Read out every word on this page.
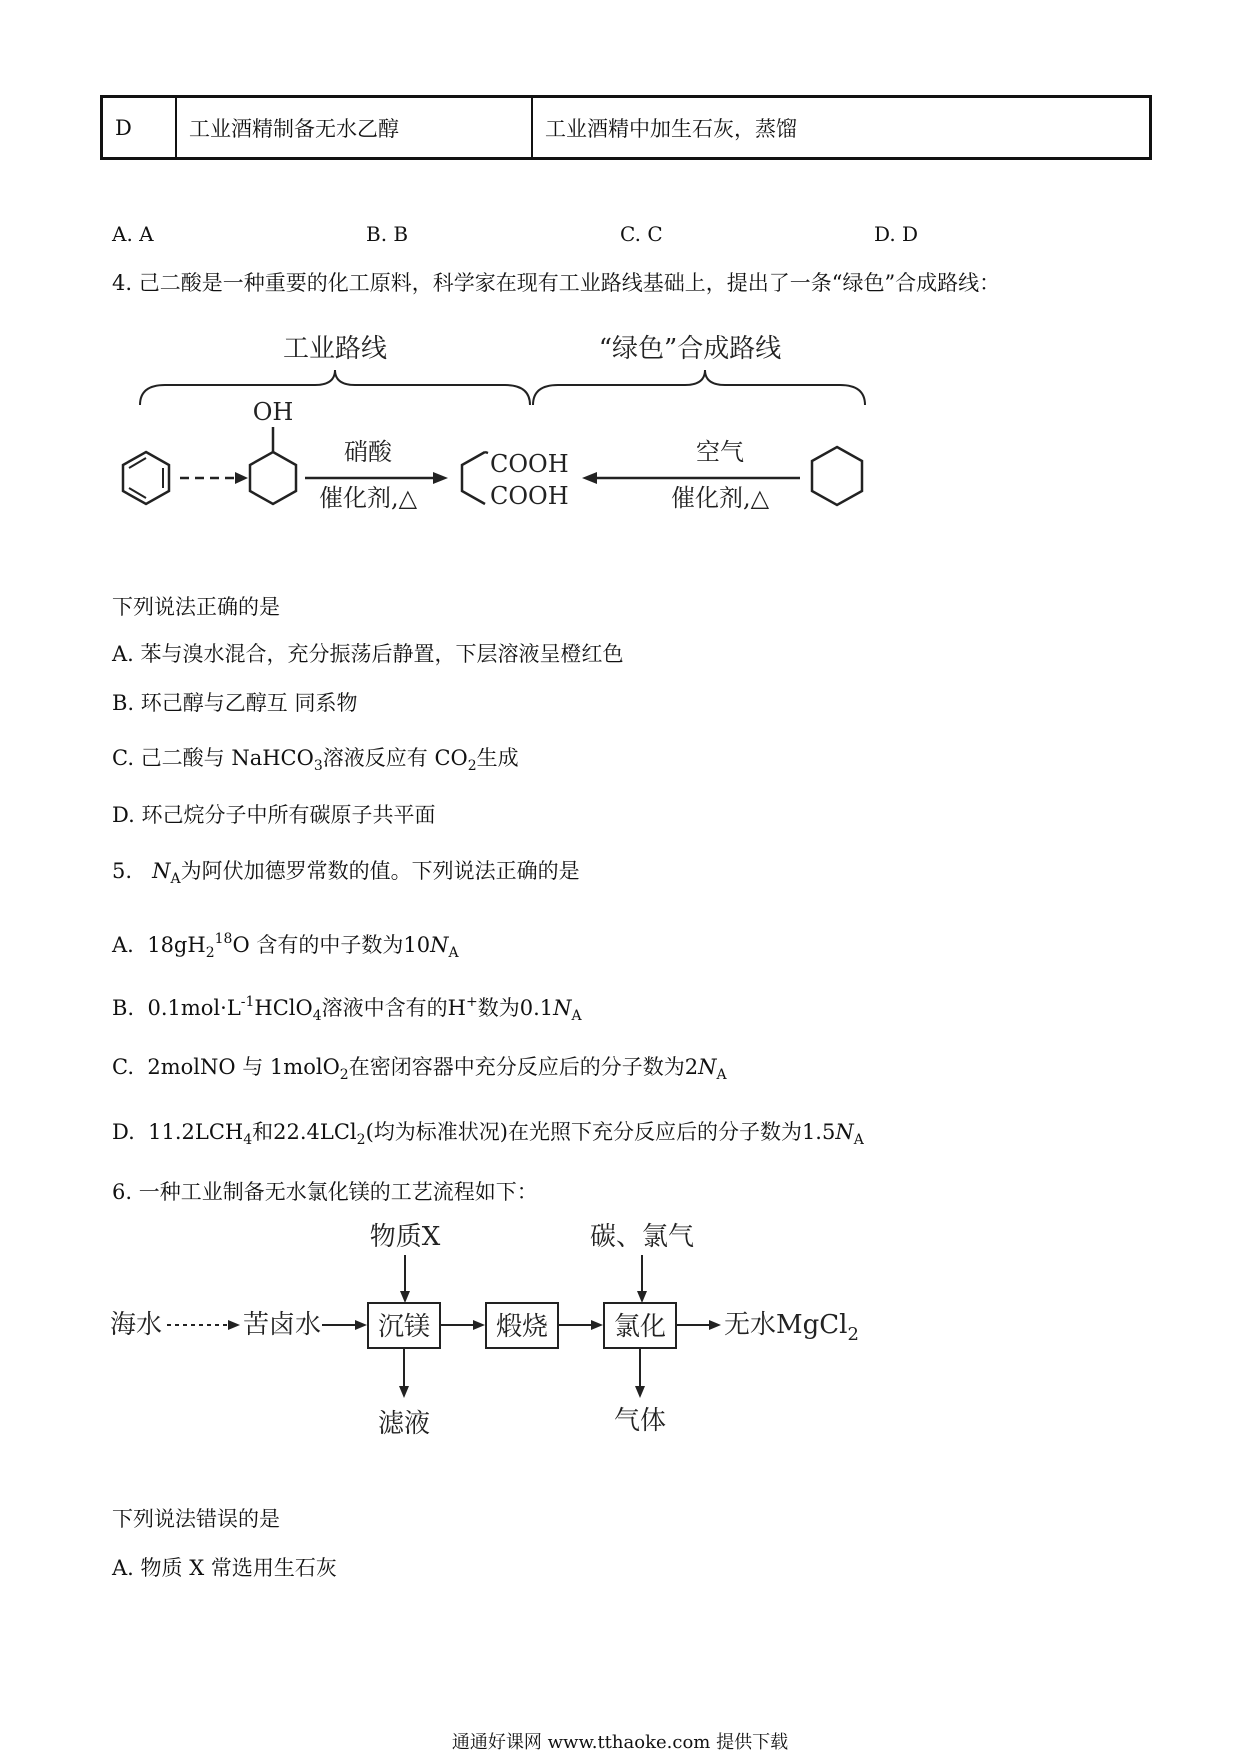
D	工业酒精制备无水乙醇	工业酒精中加生石灰，蒸馏
A. A	B. B	C. C	D. D
4. 己二酸是一种重要的化工原料，科学家在现有工业路线基础上，提出了一条“绿色”合成路线：
工业路线	“绿色”合成路线
OH
硝酸
催化剂,△
COOH
COOH
空气
催化剂,△
下列说法正确的是
A. 苯与溴水混合，充分振荡后静置，下层溶液呈橙红色
B. 环己醇与乙醇互 同系物
C. 己二酸与 NaHCO$_3$溶液反应有 $CO_2$生成
D. 环己烷分子中所有碳原子共平面
5. $N_A$为阿伏加德罗常数的值。下列说法正确的是
A. $18gH_2^{18}O$ 含有的中子数为$10N_A$
B. $0.1mol\cdot L^{-1}HClO_4$溶液中含有的H+数为$0.1N_A$
C. 2molNO 与 1molO$_2$在密闭容器中充分反应后的分子数为$2N_A$
D. $11.2LCH_4$和22.4LCl$_2$(均为标准状况)在光照下充分反应后的分子数为$1.5N_A$
6. 一种工业制备无水氯化镁的工艺流程如下：
物质X	碳、氯气
海水	苦卤水 沉镁	煅烧	氯化 无水MgCl$_2$
滤液	气体
下列说法错误的是
A. 物质 X 常选用生石灰
通通好课网 www.tthaoke.com 提供下载
